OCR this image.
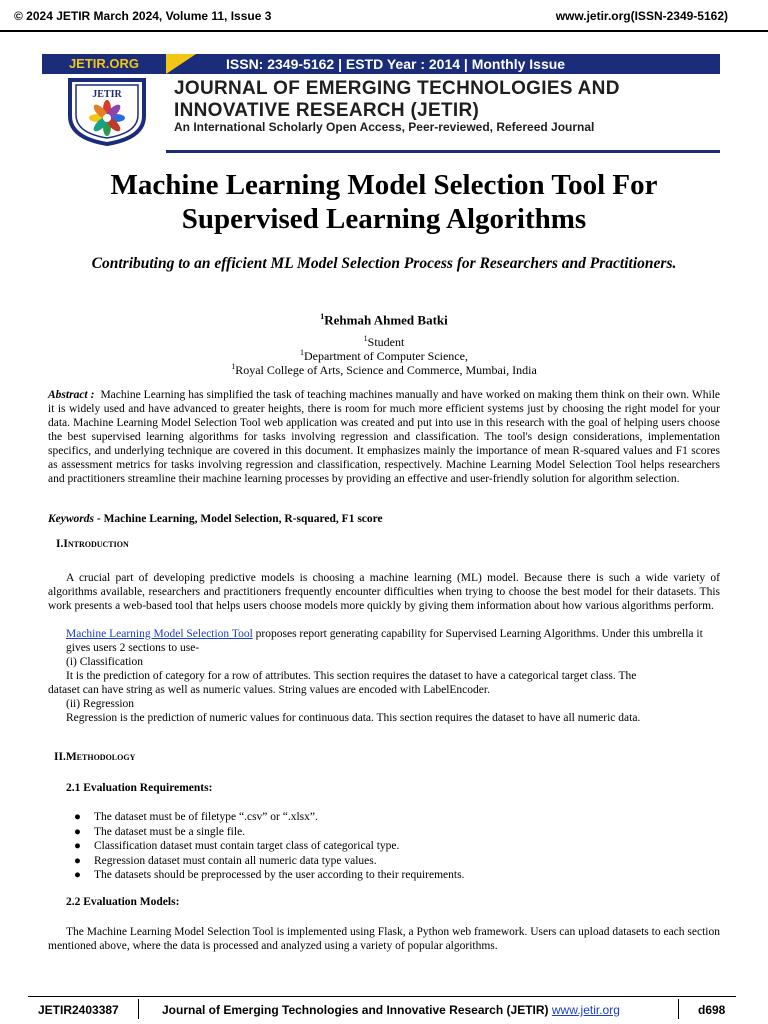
© 2024 JETIR March 2024, Volume 11, Issue 3	www.jetir.org(ISSN-2349-5162)
JETIR.ORG	ISSN: 2349-5162 | ESTD Year : 2014 | Monthly Issue
JETIR	JOURNAL OF EMERGING TECHNOLOGIES AND
INNOVATIVE RESEARCH (JETIR)
An International Scholarly Open Access, Peer-reviewed, Refereed Journal
Machine Learning Model Selection Tool For
Supervised Learning Algorithms
Contributing to an efficient ML Model Selection Process for Researchers and Practitioners.
$^1$Rehmah Ahmed Batki
$^1$Student
$^1$Department of Computer Science,
$^1$Royal College of Arts, Science and Commerce, Mumbai, India
Abstract : Machine Learning has simplified the task of teaching machines manually and have worked on making them think on their own. While it is widely used and have advanced to greater heights, there is room for much more efficient systems just by choosing the right model for your data. Machine Learning Model Selection Tool web application was created and put into use in this research with the goal of helping users choose the best supervised learning algorithms for tasks involving regression and classification. The tool's design considerations, implementation specifics, and underlying technique are covered in this document. It emphasizes mainly the importance of mean R-squared values and F1 scores as assessment metrics for tasks involving regression and classification, respectively. Machine Learning Model Selection Tool helps researchers and practitioners streamline their machine learning processes by providing an effective and user-friendly solution for algorithm selection.
Keywords - Machine Learning, Model Selection, R-squared, F1 score
I.Introduction
A crucial part of developing predictive models is choosing a machine learning (ML) model. Because there is such a wide variety of algorithms available, researchers and practitioners frequently encounter difficulties when trying to choose the best model for their datasets. This work presents a web-based tool that helps users choose models more quickly by giving them information about how various algorithms perform.
Machine Learning Model Selection Tool proposes report generating capability for Supervised Learning Algorithms. Under this umbrella it gives users 2 sections to use-
(i) Classification
It is the prediction of category for a row of attributes. This section requires the dataset to have a categorical target class. The
dataset can have string as well as numeric values. String values are encoded with LabelEncoder.
(ii) Regression
Regression is the prediction of numeric values for continuous data. This section requires the dataset to have all numeric data.
II.Methodology
2.1 Evaluation Requirements:
● The dataset must be of filetype “.csv” or “.xlsx”.
● The dataset must be a single file.
● Classification dataset must contain target class of categorical type.
● Regression dataset must contain all numeric data type values.
● The datasets should be preprocessed by the user according to their requirements.
2.2 Evaluation Models:
The Machine Learning Model Selection Tool is implemented using Flask, a Python web framework. Users can upload datasets to each section mentioned above, where the data is processed and analyzed using a variety of popular algorithms.
JETIR2403387	Journal of Emerging Technologies and Innovative Research (JETIR) www.jetir.org	d698
